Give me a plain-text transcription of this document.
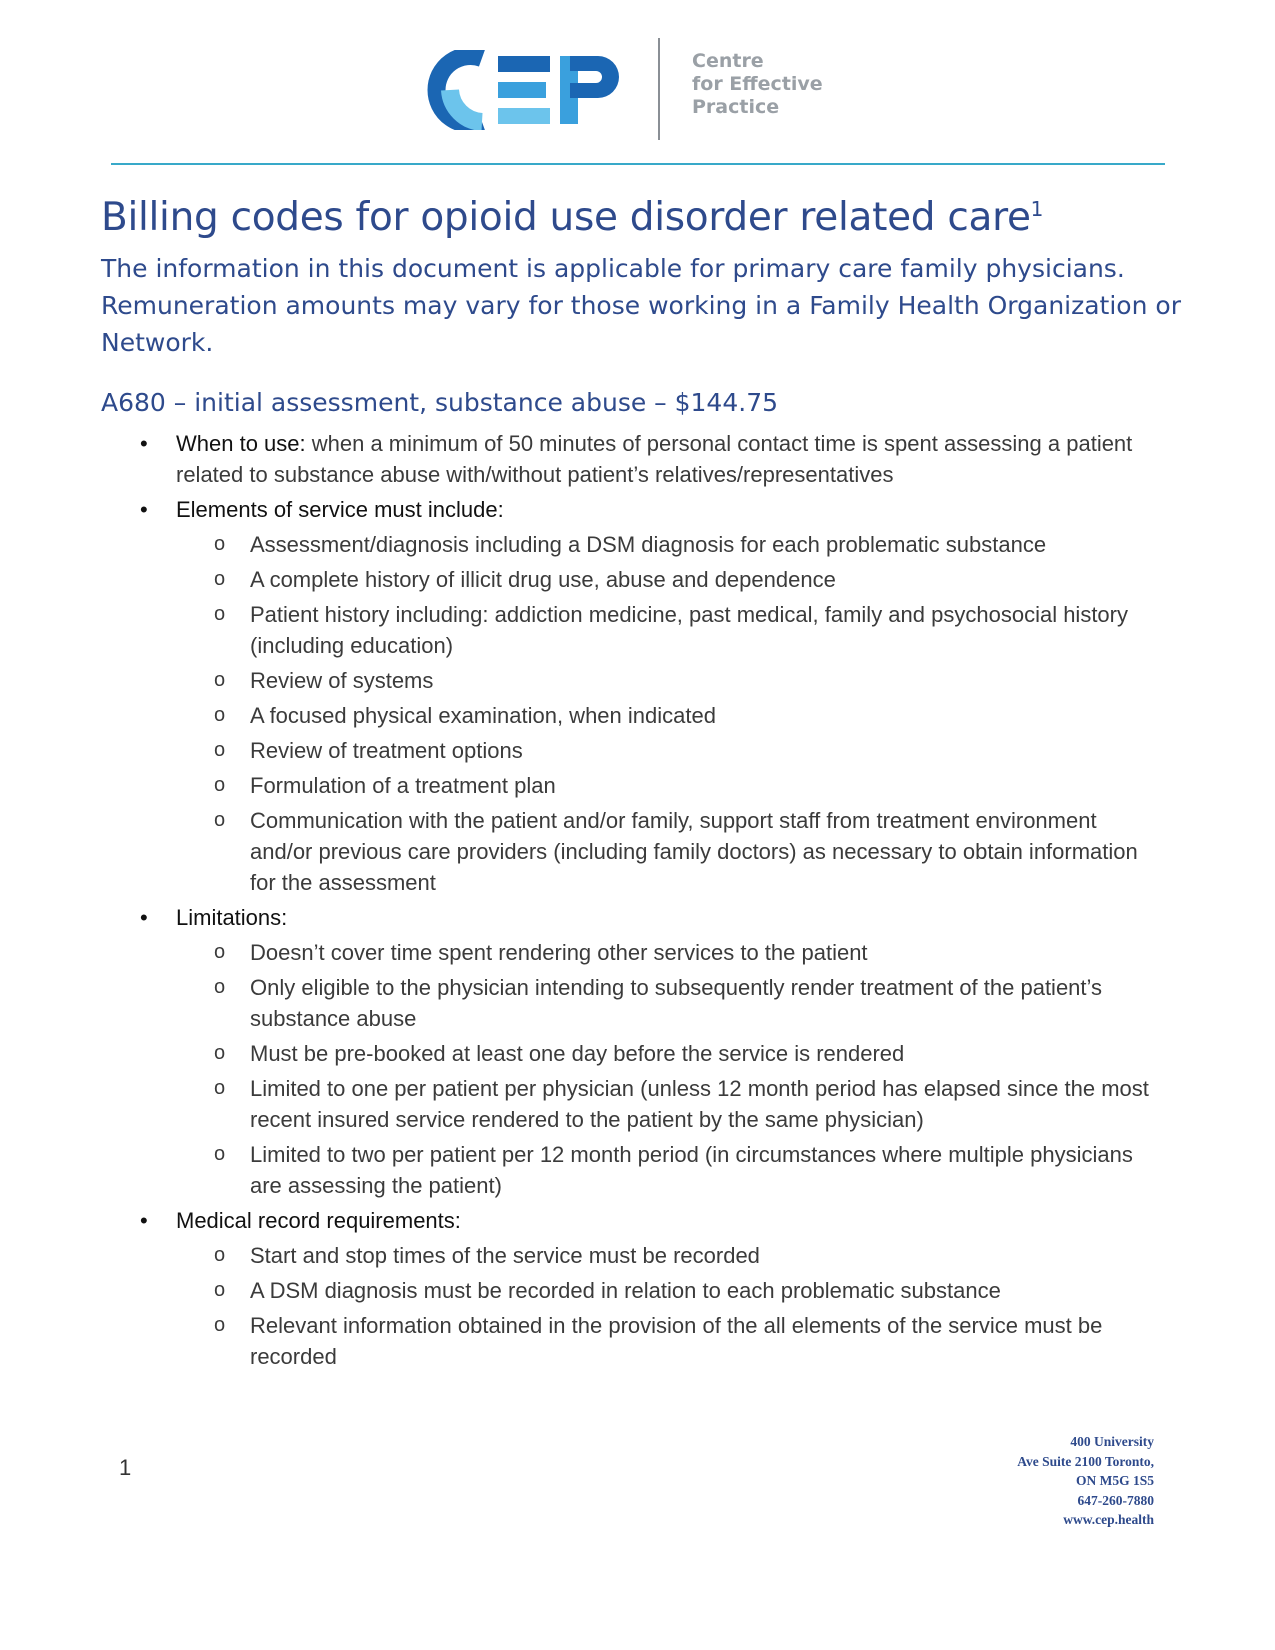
Centre
for Effective
Practice
Billing codes for opioid use disorder related care$^1$
The information in this document is applicable for primary care family physicians. Remuneration amounts may vary for those working in a Family Health Organization or Network.
A680 – initial assessment, substance abuse – $144.75
• When to use: when a minimum of 50 minutes of personal contact time is spent assessing a patient related to substance abuse with/without patient’s relatives/representatives
• Elements of service must include:
o Assessment/diagnosis including a DSM diagnosis for each problematic substance
o A complete history of illicit drug use, abuse and dependence
o Patient history including: addiction medicine, past medical, family and psychosocial history (including education)
o Review of systems
o A focused physical examination, when indicated
o Review of treatment options
o Formulation of a treatment plan
o Communication with the patient and/or family, support staff from treatment environment and/or previous care providers (including family doctors) as necessary to obtain information for the assessment
• Limitations:
o Doesn’t cover time spent rendering other services to the patient
o Only eligible to the physician intending to subsequently render treatment of the patient’s substance abuse
o Must be pre-booked at least one day before the service is rendered
o Limited to one per patient per physician (unless 12 month period has elapsed since the most recent insured service rendered to the patient by the same physician)
o Limited to two per patient per 12 month period (in circumstances where multiple physicians are assessing the patient)
• Medical record requirements:
o Start and stop times of the service must be recorded
o A DSM diagnosis must be recorded in relation to each problematic substance
o Relevant information obtained in the provision of the all elements of the service must be recorded
1
400 University
Ave Suite 2100 Toronto,
ON M5G 1S5
647-260-7880
www.cep.health
